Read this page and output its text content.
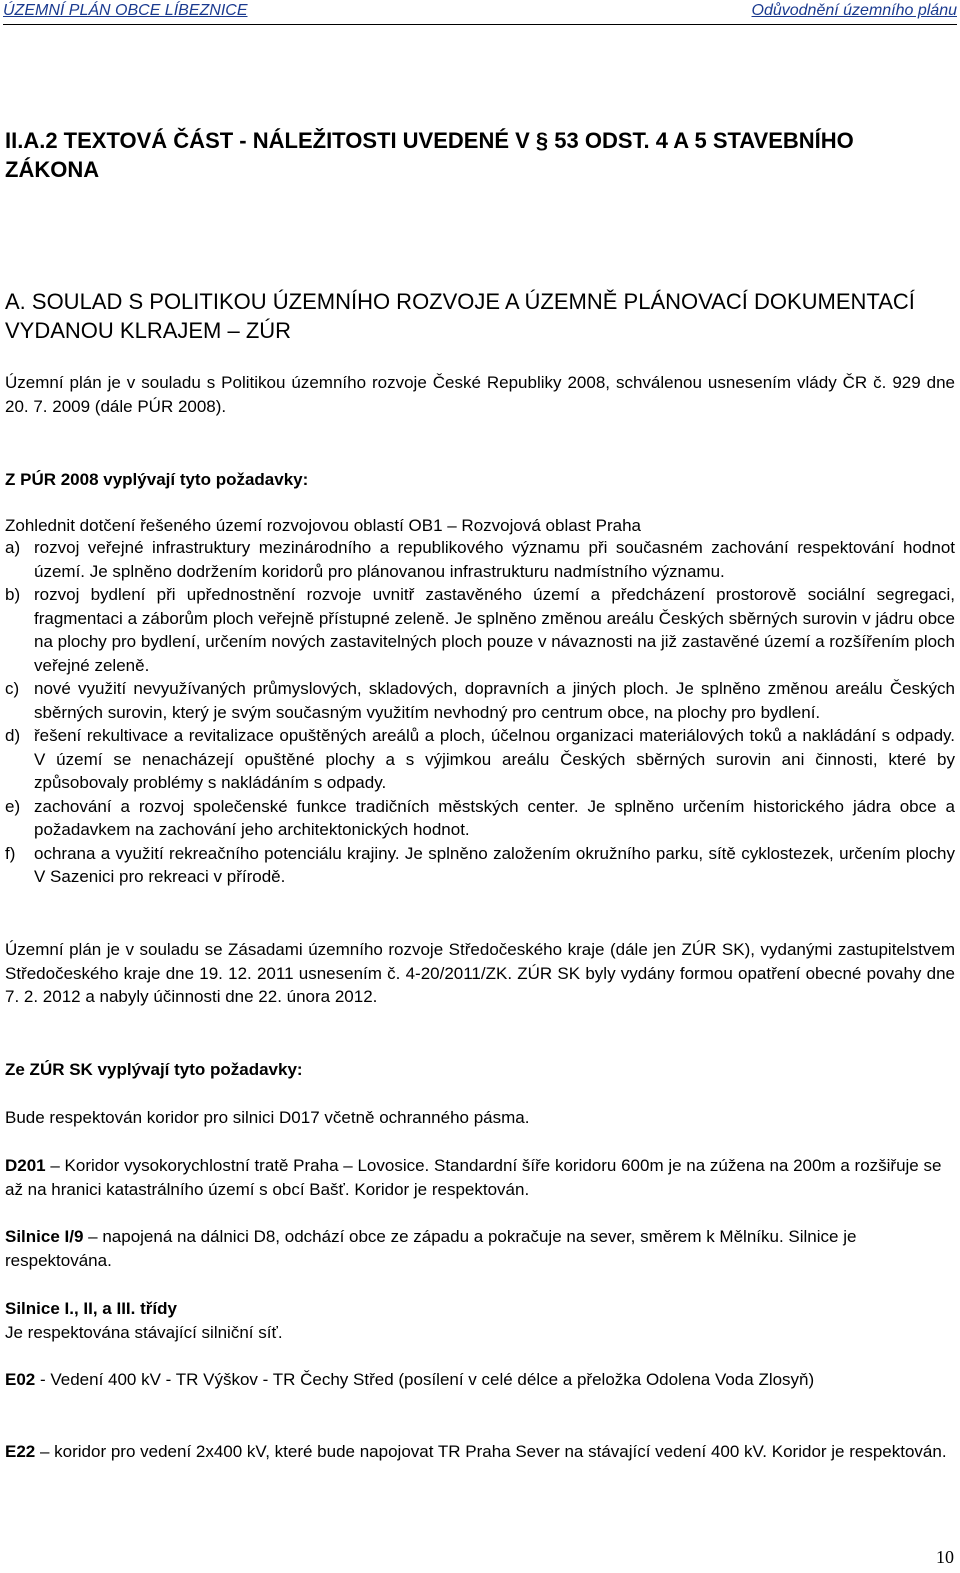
ÚZEMNÍ PLÁN OBCE LÍBEZNICE	Odůvodnění územního plánu
II.A.2 TEXTOVÁ ČÁST - NÁLEŽITOSTI UVEDENÉ V § 53 ODST. 4 A 5 STAVEBNÍHO ZÁKONA
A. SOULAD S POLITIKOU ÚZEMNÍHO ROZVOJE A ÚZEMNĚ PLÁNOVACÍ DOKUMENTACÍ VYDANOU KLRAJEM – ZÚR
Územní plán je v souladu s Politikou územního rozvoje České Republiky 2008, schválenou usnesením vlády ČR č. 929 dne 20. 7. 2009 (dále PÚR 2008).
Z PÚR 2008 vyplývají tyto požadavky:
Zohlednit dotčení řešeného území rozvojovou oblastí OB1 – Rozvojová oblast Praha
a) rozvoj veřejné infrastruktury mezinárodního a republikového významu při současném zachování respektování hodnot území. Je splněno dodržením koridorů pro plánovanou infrastrukturu nadmístního významu.
b) rozvoj bydlení při upřednostnění rozvoje uvnitř zastavěného území a předcházení prostorově sociální segregaci, fragmentaci a záborům ploch veřejně přístupné zeleně. Je splněno změnou areálu Českých sběrných surovin v jádru obce na plochy pro bydlení, určením nových zastavitelných ploch pouze v návaznosti na již zastavěné území a rozšířením ploch veřejné zeleně.
c) nové využití nevyužívaných průmyslových, skladových, dopravních a jiných ploch. Je splněno změnou areálu Českých sběrných surovin, který je svým současným využitím nevhodný pro centrum obce, na plochy pro bydlení.
d) řešení rekultivace a revitalizace opuštěných areálů a ploch, účelnou organizaci materiálových toků a nakládání s odpady. V území se nenacházejí opuštěné plochy a s výjimkou areálu Českých sběrných surovin ani činnosti, které by způsobovaly problémy s nakládáním s odpady.
e) zachování a rozvoj společenské funkce tradičních městských center. Je splněno určením historického jádra obce a požadavkem na zachování jeho architektonických hodnot.
f) ochrana a využití rekreačního potenciálu krajiny. Je splněno založením okružního parku, sítě cyklostezek, určením plochy V Sazenici pro rekreaci v přírodě.
Územní plán je v souladu se Zásadami územního rozvoje Středočeského kraje (dále jen ZÚR SK), vydanými zastupitelstvem Středočeského kraje dne 19. 12. 2011 usnesením č. 4-20/2011/ZK. ZÚR SK byly vydány formou opatření obecné povahy dne 7. 2. 2012 a nabyly účinnosti dne 22. února 2012.
Ze ZÚR SK vyplývají tyto požadavky:
Bude respektován koridor pro silnici D017 včetně ochranného pásma.
D201 – Koridor vysokorychlostní tratě Praha – Lovosice. Standardní šíře koridoru 600m je na zúžena na 200m a rozšiřuje se až na hranici katastrálního území s obcí Bašť. Koridor je respektován.
Silnice I/9 – napojená na dálnici D8, odchází obce ze západu a pokračuje na sever, směrem k Mělníku. Silnice je respektována.
Silnice I., II, a III. třídy
Je respektována stávající silniční síť.
E02 - Vedení 400 kV - TR Výškov - TR Čechy Střed (posílení v celé délce a přeložka Odolena Voda Zlosyň)
E22 – koridor pro vedení 2x400 kV, které bude napojovat TR Praha Sever na stávající vedení 400 kV. Koridor je respektován.
10
